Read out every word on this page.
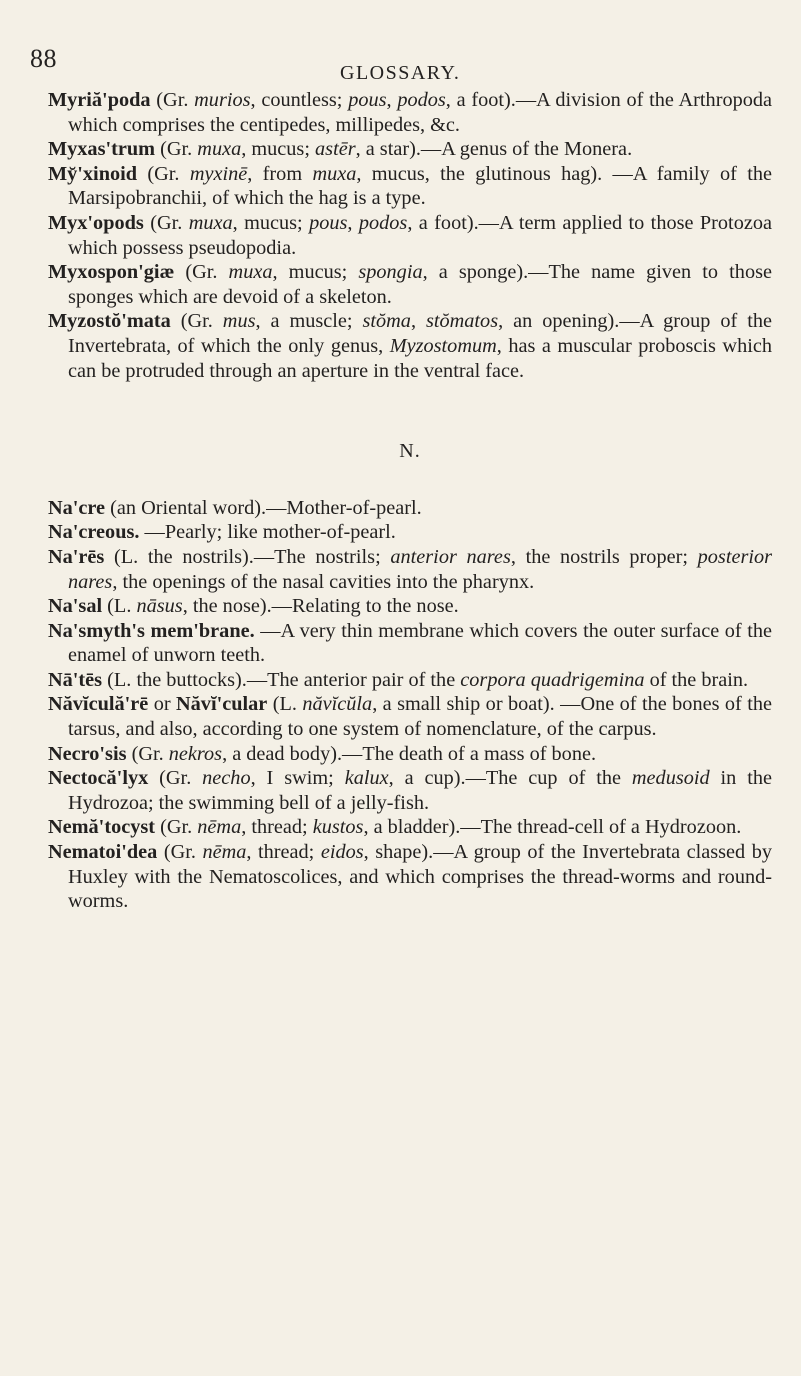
88	GLOSSARY.

Myriă'poda (Gr. murios, countless; pous, podos, a foot).—A division of the Arthropoda which comprises the centipedes, millipedes, &c.

Myxas'trum (Gr. muxa, mucus; astēr, a star).—A genus of the Monera.

My̆'xinoid (Gr. myxinē, from muxa, mucus, the glutinous hag). —A family of the Marsipobranchii, of which the hag is a type.

Myx'opods (Gr. muxa, mucus; pous, podos, a foot).—A term applied to those Protozoa which possess pseudopodia.

Myxospon'giæ (Gr. muxa, mucus; spongia, a sponge).—The name given to those sponges which are devoid of a skeleton.

Myzostŏ'mata (Gr. mus, a muscle; stŏma, stŏmatos, an opening).—A group of the Invertebrata, of which the only genus, Myzostomum, has a muscular proboscis which can be protruded through an aperture in the ventral face.

N.

Na'cre (an Oriental word).—Mother-of-pearl.

Na'creous. —Pearly; like mother-of-pearl.

Na'rēs (L. the nostrils).—The nostrils; anterior nares, the nostrils proper; posterior nares, the openings of the nasal cavities into the pharynx.

Na'sal (L. nāsus, the nose).—Relating to the nose.

Na'smyth's mem'brane. —A very thin membrane which covers the outer surface of the enamel of unworn teeth.

Nā'tēs (L. the buttocks).—The anterior pair of the corpora quadrigemina of the brain.

Năvĭculă'rē or Năvĭ'cular (L. năvĭcŭla, a small ship or boat). —One of the bones of the tarsus, and also, according to one system of nomenclature, of the carpus.

Necro'sis (Gr. nekros, a dead body).—The death of a mass of bone.

Nectocă'lyx (Gr. necho, I swim; kalux, a cup).—The cup of the medusoid in the Hydrozoa; the swimming bell of a jelly-fish.

Nemă'tocyst (Gr. nēma, thread; kustos, a bladder).—The thread-cell of a Hydrozoon.

Nematoi'dea (Gr. nēma, thread; eidos, shape).—A group of the Invertebrata classed by Huxley with the Nematoscolices, and which comprises the thread-worms and round-worms.
